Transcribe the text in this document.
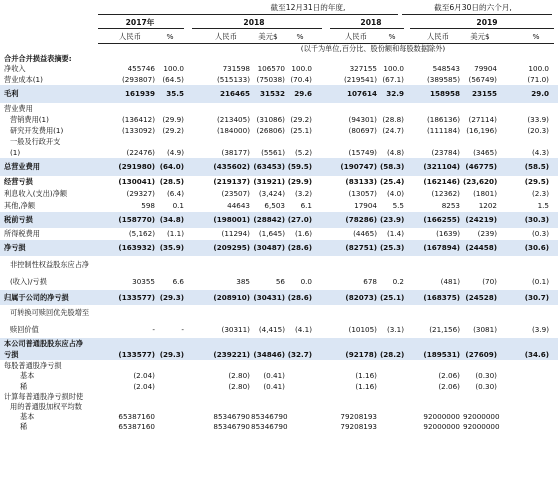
截至12月31日的年度,	截至6月30日的六个月,
2017年	2018	2018	2019
人民币	%	人民币	美元$	%	人民币	%	人民币	美元$	%
(以千为单位,百分比、股份额和每股数据除外)
合并合并损益表摘要:
净收入	455746	100.0	731598	106570 100.0	327155 100.0	548543	79904	100.0
营业成本(1)	(293807)	(64.5)	(515133) (75038) (70.4)	(219541) (67.1)	(389585)	(56749)	(71.0)
毛利	161939	35.5	216465	31532	29.6	107614	32.9	158958	23155	29.0
营业费用
营销费用(1)	(136412)	(29.9)	(213405) (31086) (29.2)	(94301) (28.8)	(186136)	(27114)	(33.9)
研究开发费用(1)	(133092)	(29.2)	(184000) (26806) (25.1)	(80697) (24.7)	(111184) (16,196)	(20.3)
一般及行政开支
(1)	(22476)	(4.9)	(38177)	(5561)	(5.2)	(15749)	(4.8)	(23784)	(3465)	(4.3)
总营业费用	(291980) (64.0)	(435602) (63453) (59.5)	(190747) (58.3)	(321104) (46775)	(58.5)
经营亏损	(130041) (28.5)	(219137) (31921) (29.9)	(83133) (25.4)	(162146) (23,620)	(29.5)
利息收入(支出)净额	(29327)	(6.4)	(23507)	(3,424)	(3.2)	(13057)	(4.0)	(12362)	(1801)	(2.3)
其他,净额	598	0.1	44643	6,503	6.1	17904	5.5	8253	1202	1.5
税前亏损	(158770) (34.8)	(198001) (28842) (27.0)	(78286) (23.9)	(166255) (24219)	(30.3)
所得税费用	(5,162)	(1.1)	(11294)	(1,645)	(1.6)	(4465)	(1.4)	(1639)	(239)	(0.3)
净亏损	(163932) (35.9)	(209295) (30487) (28.6)	(82751) (25.3)	(167894) (24458)	(30.6)
非控制性权益股东应占净
(收入)/亏损	30355	6.6	385	56	0.0	678	0.2	(481)	(70)	(0.1)
归属于公司的净亏损	(133577) (29.3)	(208910) (30431) (28.6)	(82073) (25.1)	(168375) (24528)	(30.7)
可转换可赎回优先股增至
赎回价值	-	-	(30311)	(4,415)	(4.1)	(10105)	(3.1)	(21,156)	(3081)	(3.9)
本公司普通股股东应占净
亏损	(133577) (29.3)	(239221) (34846) (32.7)	(92178) (28.2)	(189531) (27609)	(34.6)
每股普通股净亏损
基本	(2.04)	(2.80)	(0.41)	(1.16)	(2.06)	(0.30)
稀	(2.04)	(2.80)	(0.41)	(1.16)	(2.06)	(0.30)
计算每普通股净亏损时使
用的普通股加权平均数
基本	65387160	85346790 85346790	79208193	92000000 92000000
稀	65387160	85346790 85346790	79208193	92000000 92000000
